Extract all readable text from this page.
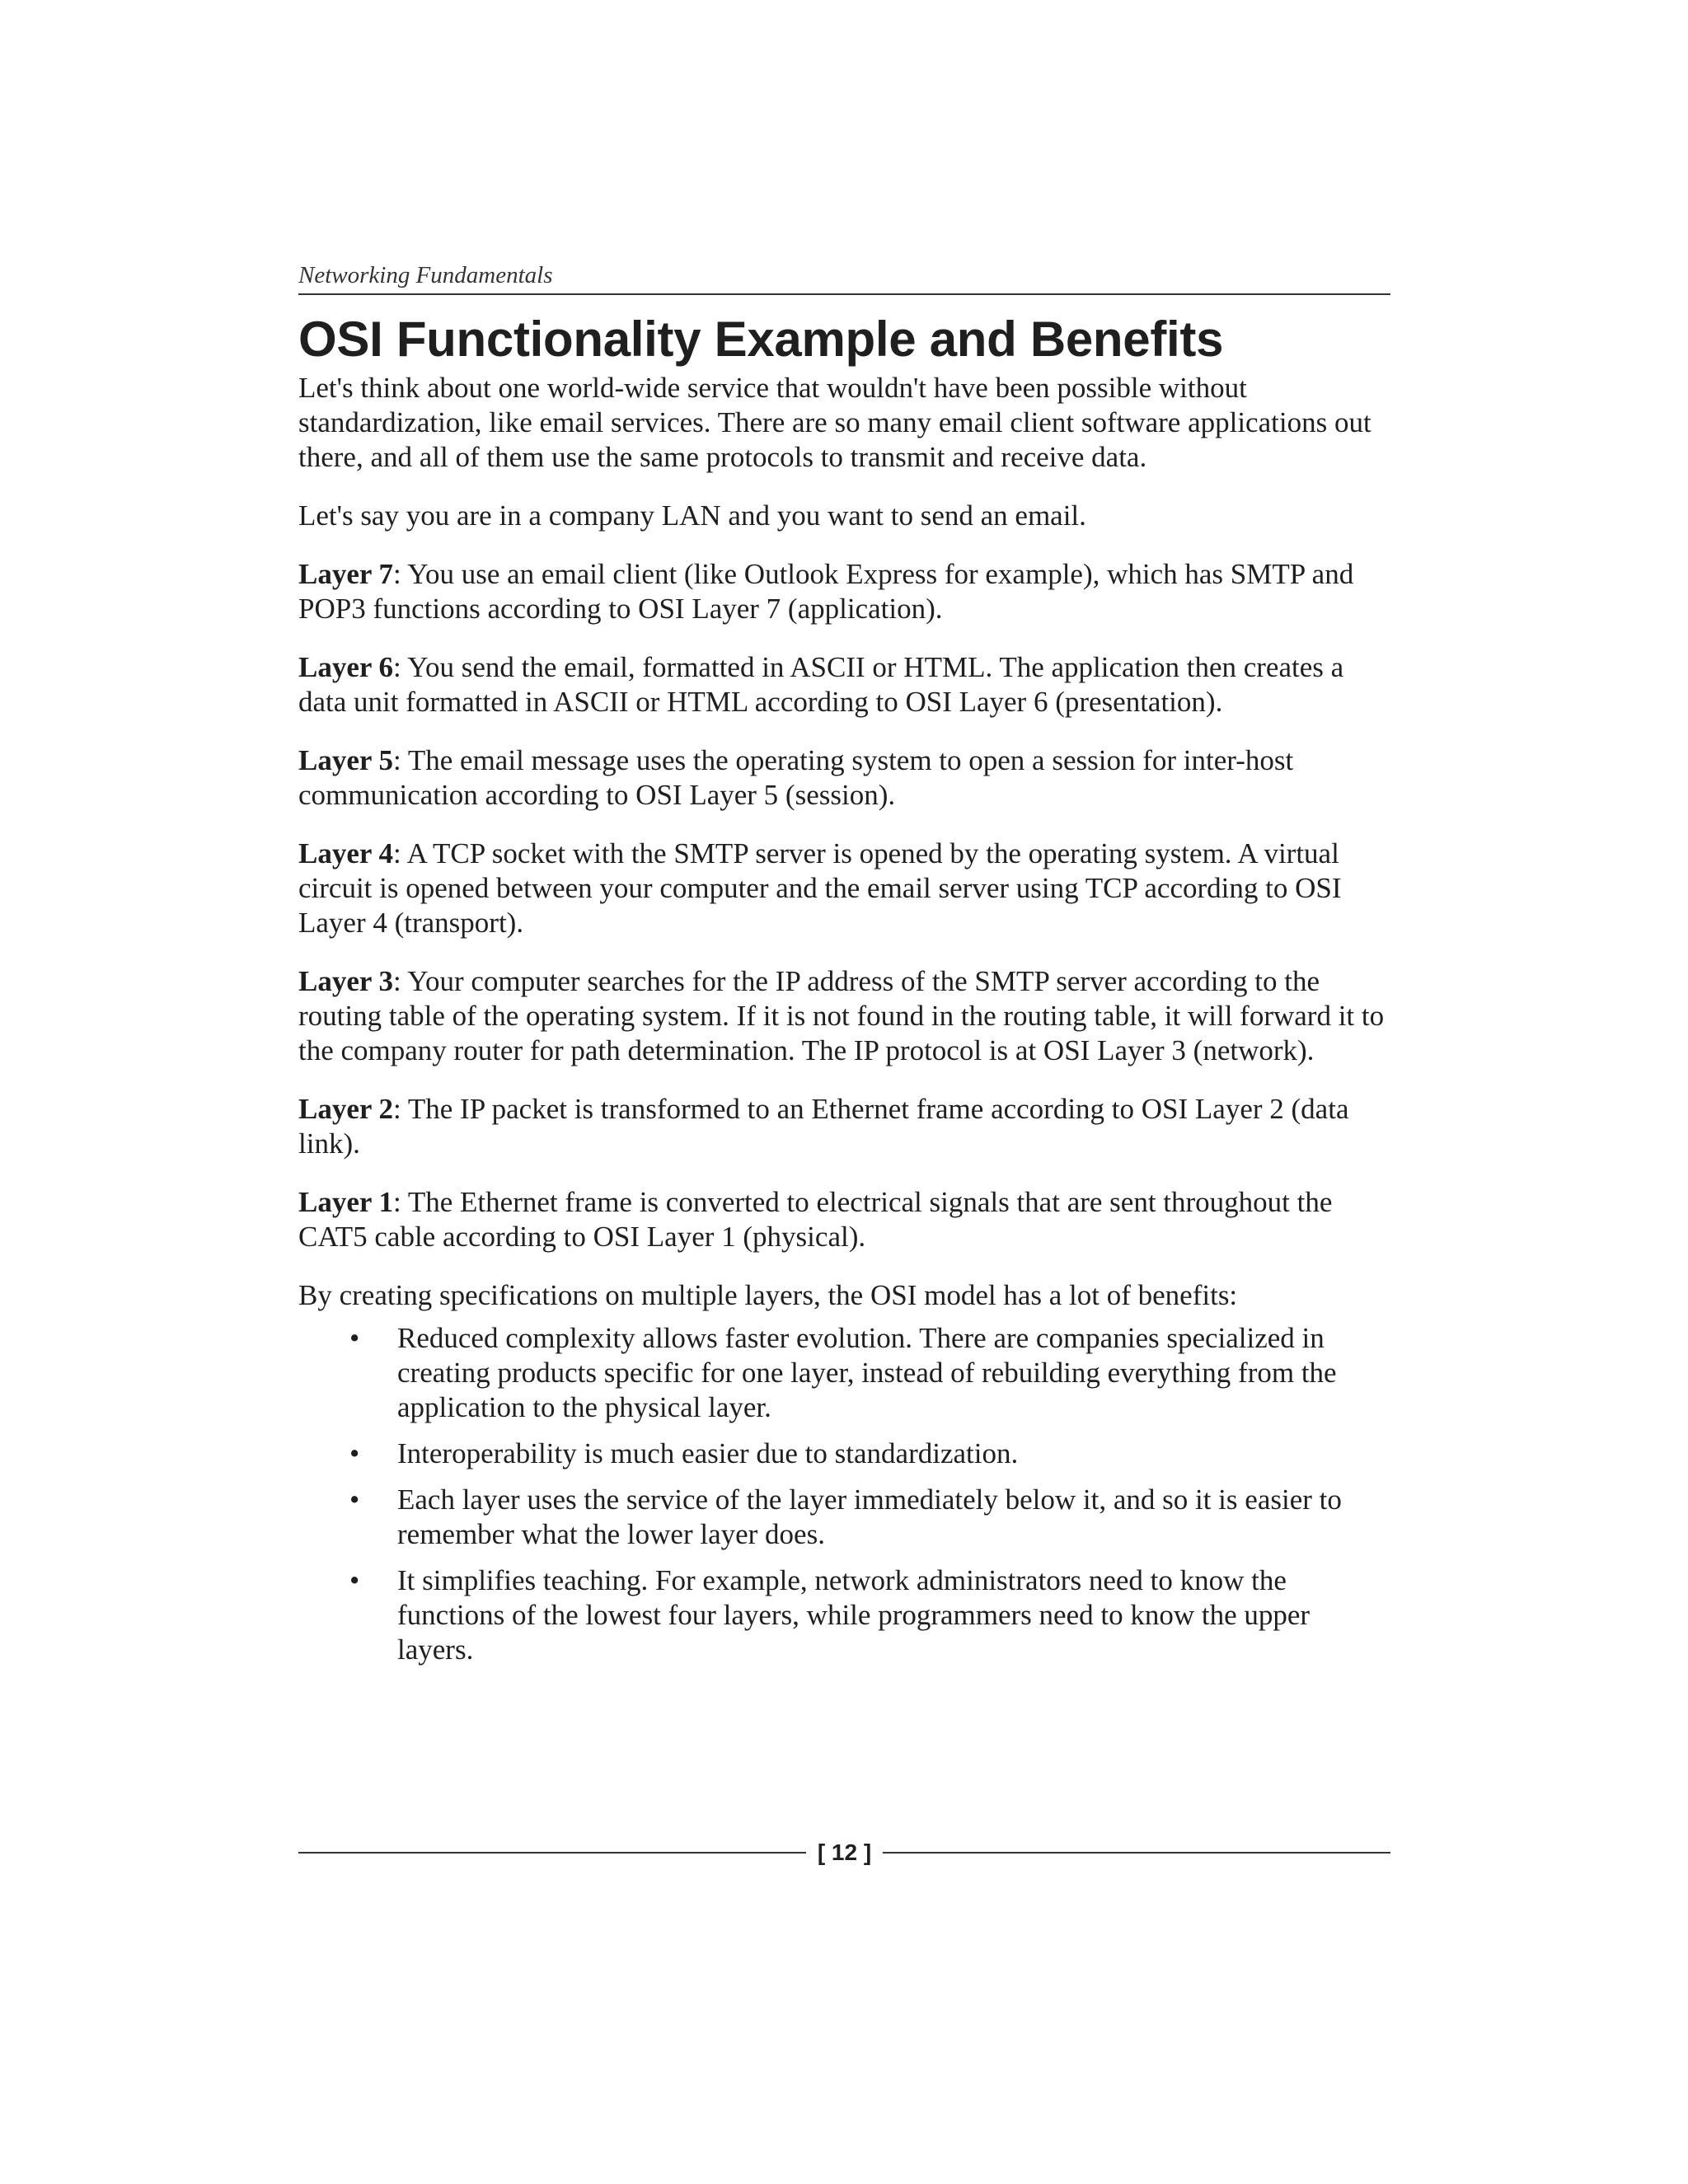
Networking Fundamentals
OSI Functionality Example and Benefits

Let's think about one world-wide service that wouldn't have been possible without standardization, like email services. There are so many email client software applications out there, and all of them use the same protocols to transmit and receive data.

Let's say you are in a company LAN and you want to send an email.

Layer 7: You use an email client (like Outlook Express for example), which has SMTP and POP3 functions according to OSI Layer 7 (application).

Layer 6: You send the email, formatted in ASCII or HTML. The application then creates a data unit formatted in ASCII or HTML according to OSI Layer 6 (presentation).

Layer 5: The email message uses the operating system to open a session for inter-host communication according to OSI Layer 5 (session).

Layer 4: A TCP socket with the SMTP server is opened by the operating system. A virtual circuit is opened between your computer and the email server using TCP according to OSI Layer 4 (transport).

Layer 3: Your computer searches for the IP address of the SMTP server according to the routing table of the operating system. If it is not found in the routing table, it will forward it to the company router for path determination. The IP protocol is at OSI Layer 3 (network).

Layer 2: The IP packet is transformed to an Ethernet frame according to OSI Layer 2 (data link).

Layer 1: The Ethernet frame is converted to electrical signals that are sent throughout the CAT5 cable according to OSI Layer 1 (physical).

By creating specifications on multiple layers, the OSI model has a lot of benefits:

• Reduced complexity allows faster evolution. There are companies specialized in creating products specific for one layer, instead of rebuilding everything from the application to the physical layer.
• Interoperability is much easier due to standardization.
• Each layer uses the service of the layer immediately below it, and so it is easier to remember what the lower layer does.
• It simplifies teaching. For example, network administrators need to know the functions of the lowest four layers, while programmers need to know the upper layers.
[ 12 ]
